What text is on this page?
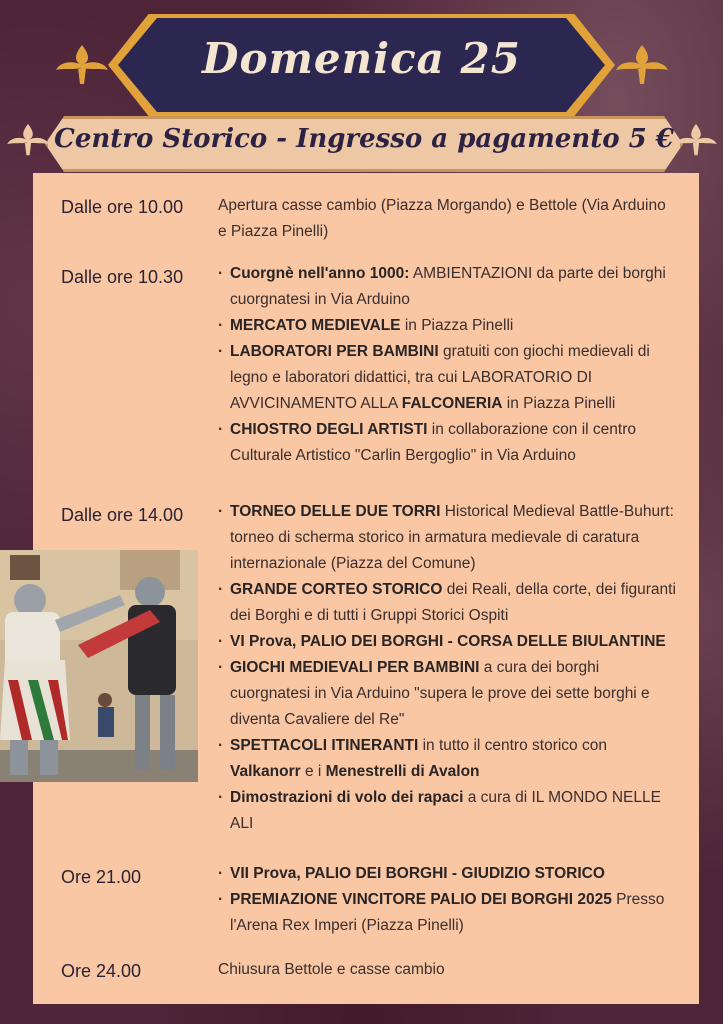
Domenica 25
Centro Storico - Ingresso a pagamento 5 €
Dalle ore 10.00 Apertura casse cambio (Piazza Morgando) e Bettole (Via Arduino e Piazza Pinelli)
Dalle ore 10.30	· Cuorgnè nell'anno 1000: AMBIENTAZIONI da parte dei borghi cuorgnatesi in Via Arduino
· MERCATO MEDIEVALE in Piazza Pinelli
· LABORATORI PER BAMBINI gratuiti con giochi medievali di legno e laboratori didattici, tra cui LABORATORIO DI AVVICINAMENTO ALLA FALCONERIA in Piazza Pinelli
· CHIOSTRO DEGLI ARTISTI in collaborazione con il centro Culturale Artistico "Carlin Bergoglio" in Via Arduino
Dalle ore 14.00	· TORNEO DELLE DUE TORRI Historical Medieval Battle-Buhurt: torneo di scherma storico in armatura medievale di caratura internazionale (Piazza del Comune)
· GRANDE CORTEO STORICO dei Reali, della corte, dei figuranti dei Borghi e di tutti i Gruppi Storici Ospiti
· VI Prova, PALIO DEI BORGHI - CORSA DELLE BIULANTINE
· GIOCHI MEDIEVALI PER BAMBINI a cura dei borghi cuorgnatesi in Via Arduino "supera le prove dei sette borghi e diventa Cavaliere del Re"
· SPETTACOLI ITINERANTI in tutto il centro storico con Valkanorr e i Menestrelli di Avalon
· Dimostrazioni di volo dei rapaci a cura di IL MONDO NELLE ALI
Ore 21.00	· VII Prova, PALIO DEI BORGHI - GIUDIZIO STORICO
· PREMIAZIONE VINCITORE PALIO DEI BORGHI 2025 Presso l'Arena Rex Imperi (Piazza Pinelli)
Ore 24.00	Chiusura Bettole e casse cambio
